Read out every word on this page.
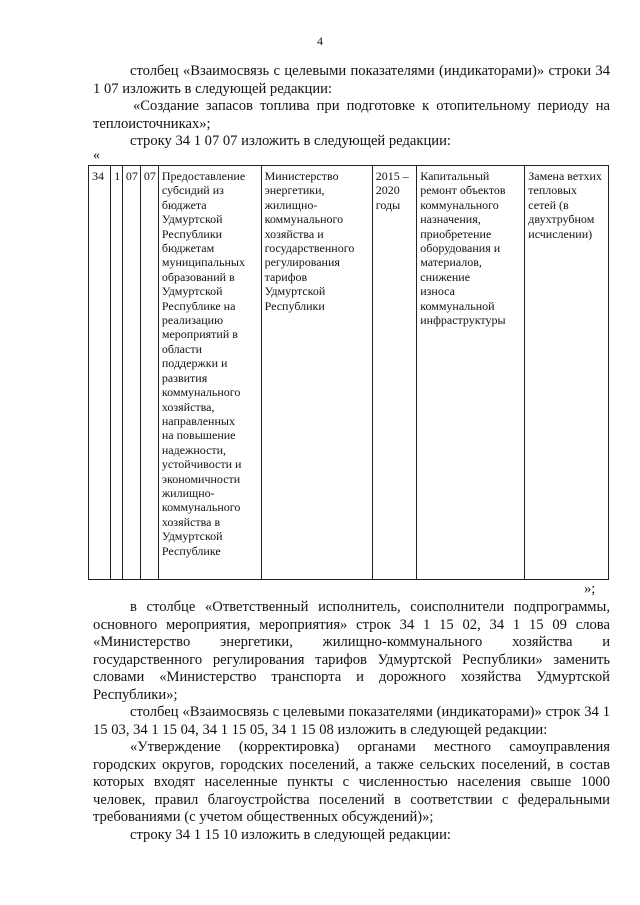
4
столбец «Взаимосвязь с целевыми показателями (индикаторами)» строки 34 1 07 изложить в следующей редакции:
«Создание запасов топлива при подготовке к отопительному периоду на теплоисточниках»;
строку 34 1 07 07 изложить в следующей редакции:
«
34	1	07	07	Предоставление
субсидий из
бюджета
Удмуртской
Республики
бюджетам
муниципальных
образований в
Удмуртской
Республике на
реализацию
мероприятий в
области
поддержки и
развития
коммунального
хозяйства,
направленных
на повышение
надежности,
устойчивости и
экономичности
жилищно-
коммунального
хозяйства в
Удмуртской
Республике	Министерство
энергетики,
жилищно-
коммунального
хозяйства и
государственного
регулирования
тарифов
Удмуртской
Республики	2015 –
2020
годы	Капитальный
ремонт объектов
коммунального
назначения,
приобретение
оборудования и
материалов,
снижение
износа
коммунальной
инфраструктуры	Замена ветхих
тепловых
сетей (в
двухтрубном
исчислении)
»;
в столбце «Ответственный исполнитель, соисполнители подпрограммы, основного мероприятия, мероприятия» строк 34 1 15 02, 34 1 15 09 слова «Министерство энергетики, жилищно-коммунального хозяйства и государственного регулирования тарифов Удмуртской Республики» заменить словами «Министерство транспорта и дорожного хозяйства Удмуртской Республики»;
столбец «Взаимосвязь с целевыми показателями (индикаторами)» строк 34 1 15 03, 34 1 15 04, 34 1 15 05, 34 1 15 08 изложить в следующей редакции:
«Утверждение (корректировка) органами местного самоуправления городских округов, городских поселений, а также сельских поселений, в состав которых входят населенные пункты с численностью населения свыше 1000 человек, правил благоустройства поселений в соответствии с федеральными требованиями (с учетом общественных обсуждений)»;
строку 34 1 15 10 изложить в следующей редакции:
